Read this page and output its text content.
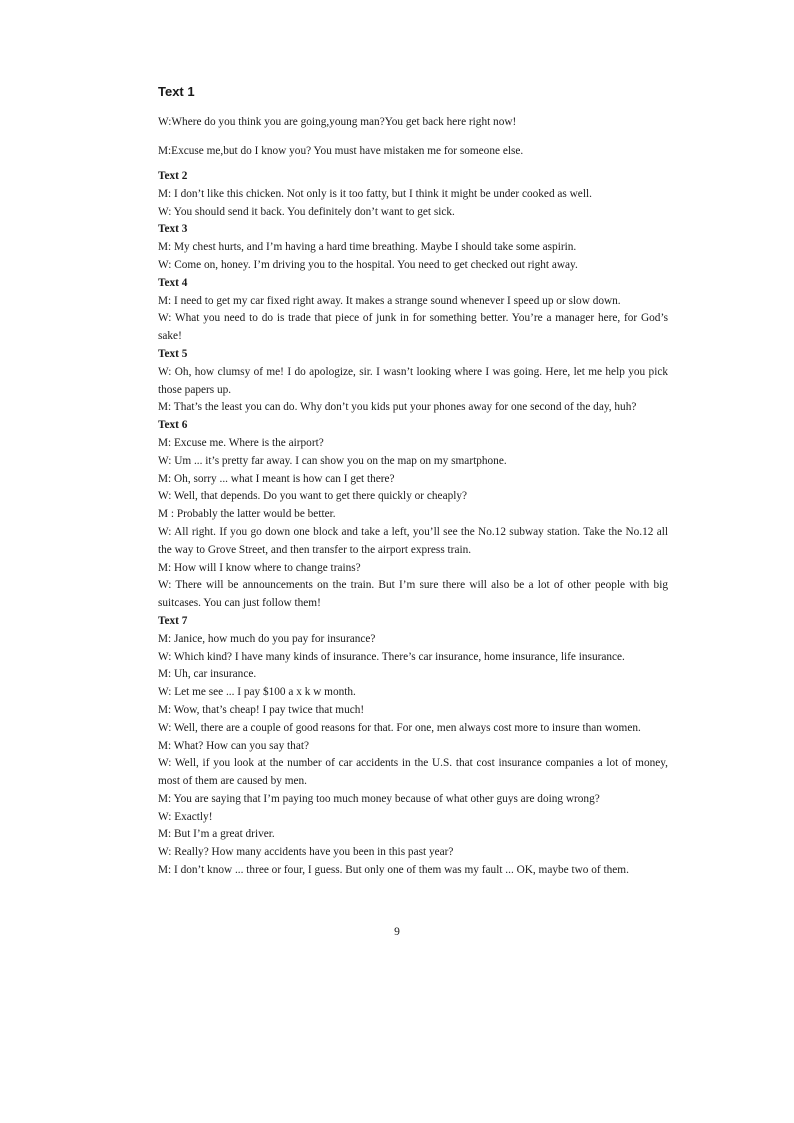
Text 1

W:Where do you think you are going,young man?You get back here right now!

M:Excuse me,but do I know you? You must have mistaken me for someone else.

Text 2

M: I don’t like this chicken. Not only is it too fatty, but I think it might be under cooked as well.

W: You should send it back. You definitely don’t want to get sick.

Text 3

M: My chest hurts, and I’m having a hard time breathing. Maybe I should take some aspirin.

W: Come on, honey. I’m driving you to the hospital. You need to get checked out right away.

Text 4

M: I need to get my car fixed right away. It makes a strange sound whenever I speed up or slow down.

W: What you need to do is trade that piece of junk in for something better. You’re a manager here, for God’s sake!

Text 5

W: Oh, how clumsy of me! I do apologize, sir. I wasn’t looking where I was going. Here, let me help you pick those papers up.

M: That’s the least you can do. Why don’t you kids put your phones away for one second of the day, huh?

Text 6

M: Excuse me. Where is the airport?

W: Um ... it’s pretty far away. I can show you on the map on my smartphone.

M: Oh, sorry ... what I meant is how can I get there?

W: Well, that depends. Do you want to get there quickly or cheaply?

M : Probably the latter would be better.

W: All right. If you go down one block and take a left, you’ll see the No.12 subway station. Take the No.12 all the way to Grove Street, and then transfer to the airport express train.

M: How will I know where to change trains?

W: There will be announcements on the train. But I’m sure there will also be a lot of other people with big suitcases. You can just follow them!

Text 7

M: Janice, how much do you pay for insurance?

W: Which kind? I have many kinds of insurance. There’s car insurance, home insurance, life insurance.

M: Uh, car insurance.

W: Let me see ... I pay $100 a x k w month.

M: Wow, that’s cheap! I pay twice that much!

W: Well, there are a couple of good reasons for that. For one, men always cost more to insure than women.

M: What? How can you say that?

W: Well, if you look at the number of car accidents in the U.S. that cost insurance companies a lot of money, most of them are caused by men.

M: You are saying that I’m paying too much money because of what other guys are doing wrong?

W: Exactly!

M: But I’m a great driver.

W: Really? How many accidents have you been in this past year?

M: I don’t know ... three or four, I guess. But only one of them was my fault ... OK, maybe two of them.

9
